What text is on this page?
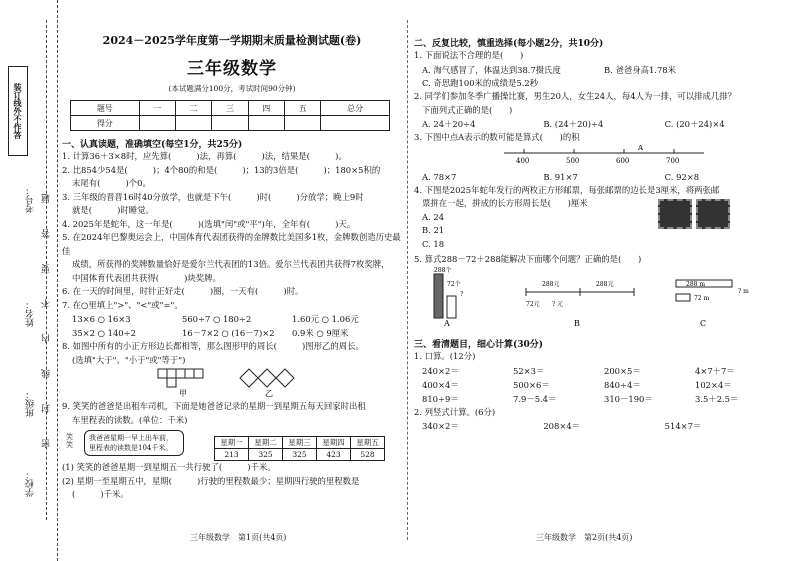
装订线外不作答
考号：
姓名：
班级：
学校：
题
答
要
不
内
线
封
密
2024－2025学年度第一学期期末质量检测试题(卷)
三年级数学
(本试题满分100分，考试时间90分钟)
题号	一	二	三	四	五	总分
得分						
一、认真读题，准确填空(每空1分，共25分)
1. 计算36＋3×8时，应先算(　　　)法，再算(　　　)法，结果是(　　　)。
2. 比854少54是(　　　)；4个80的和是(　　　)；13的3倍是(　　　)；180×5积的
末尾有(　　　)个0。
3. 三年级的晋晋16时40分放学，也就是下午(　　　)时(　　　)分放学；晚上9时
就是(　　　)时睡觉。
4. 2025年是蛇年，这一年是(　　　)(选填"闰"或"平")年，全年有(　　　)天。
5. 在2024年巴黎奥运会上，中国体育代表团获得的金牌数比美国多1枚，金牌数创造历史最佳
成绩，所获得的奖牌数量恰好是爱尔兰代表团的13倍。爱尔兰代表团共获得7枚奖牌，
中国体育代表团共获得(　　　)块奖牌。
6. 在一天的时间里，时针正好走(　　　)圈，一天有(　　　)时。
7. 在○里填上">"、"<"或"="。
13×6 ○ 16×3	560÷7 ○ 180÷2	1.60元 ○ 1.06元
35×2 ○ 140÷2	16－7×2 ○ (16－7)×2	0.9米 ○ 9厘米
8. 如图中所有的小正方形边长都相等，那么图形甲的周长(　　　)图形乙的周长。
(选填"大于"、"小于"或"等于")
甲	乙
9. 笑笑的爸爸是出租车司机，下面是她爸爸记录的星期一到星期五每天回家时出租
车里程表的读数。(单位：千米)
笑笑
我爸爸星期一早上出车前，里程表的读数是104千米。
星期一	星期二	星期三	星期四	星期五
213	325	325	423	528
(1) 笑笑的爸爸星期一到星期五一共行驶了(　　　)千米。
(2) 星期一至星期五中，星期(　　　)行驶的里程数最少；星期四行驶的里程数是
(　　　)千米。
三年级数学　第1页(共4页)
二、反复比较，慎重选择(每小题2分，共10分)
1. 下面说法不合理的是(　　)
A. 淘气感冒了，体温达到38.7摄氏度	B. 爸爸身高1.78米
C. 奇思跑100米的成绩是5.2秒
2. 同学们参加冬季广播操比赛，男生20人，女生24人，每4人为一排，可以排成几排？
下面列式正确的是(　　)
A. 24＋20÷4	B. (24＋20)÷4	C. (20＋24)×4
3. 下图中点A表示的数可能是算式(　　)的积
A
400	500	600	700
A. 78×7	B. 91×7	C. 92×8
4. 下图是2025年蛇年发行的两枚正方形邮票，每张邮票的边长是3厘米，将两张邮
票拼在一起，拼成的长方形周长是(　　)厘米
A. 24
B. 21
C. 18
5. 算式288－72＋288能解决下面哪个问题？正确的是(　　)
288个
72个
?
288元	288元
72元 ? 元
288 m
72 m
? m
A	B	C
三、看清题目，细心计算(30分)
1. 口算。(12分)
240×2＝	52×3＝	200×5＝	4×7＋7＝
400×4＝	500×6＝	840÷4＝	102×4＝
810÷9＝	7.9－5.4＝	310－190＝	3.5＋2.5＝
2. 列竖式计算。(6分)
340×2＝	208×4＝	514×7＝
三年级数学　第2页(共4页)
